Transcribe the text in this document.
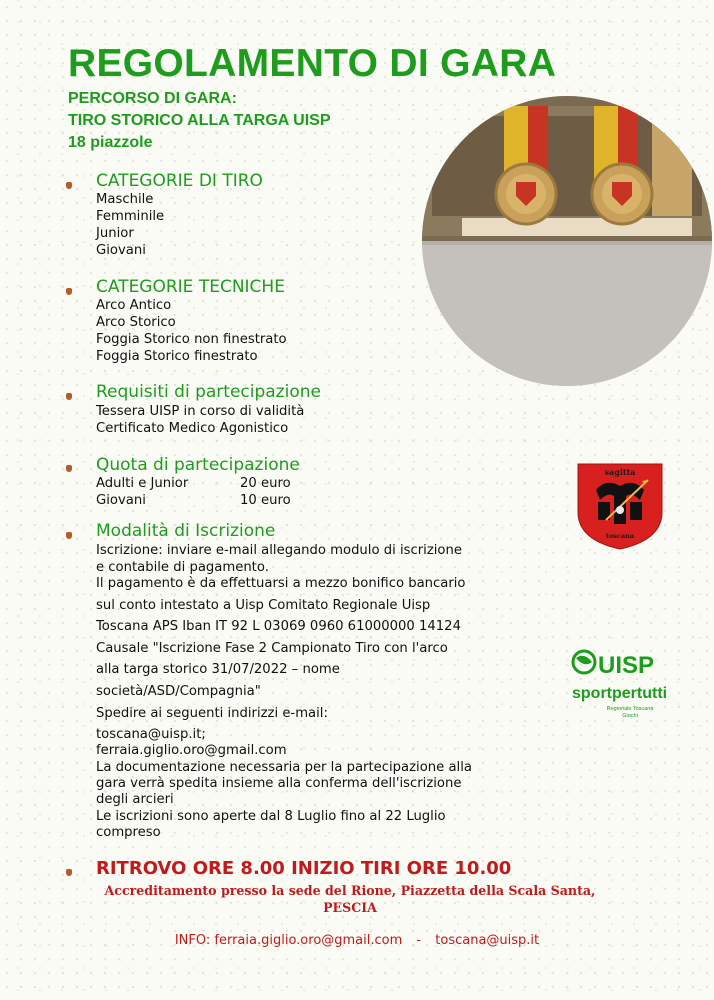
REGOLAMENTO DI GARA
PERCORSO DI GARA:
TIRO STORICO ALLA TARGA UISP
18 piazzole
CATEGORIE DI TIRO
Maschile
Femminile
Junior
Giovani
CATEGORIE TECNICHE
Arco Antico
Arco Storico
Foggia Storico non finestrato
Foggia Storico finestrato
Requisiti di partecipazione
Tessera UISP in corso di validità
Certificato Medico Agonistico
Quota di partecipazione
Adulti e Junior	20 euro
Giovani	10 euro
Modalità di Iscrizione
Iscrizione: inviare e-mail allegando modulo di iscrizione
e contabile di pagamento.
Il pagamento è da effettuarsi a mezzo bonifico bancario
sul conto intestato a Uisp Comitato Regionale Uisp
Toscana APS Iban IT 92 L 03069 0960 61000000 14124
Causale "Iscrizione Fase 2 Campionato Tiro con l'arco
alla targa storico 31/07/2022 – nome
società/ASD/Compagnia"
Spedire ai seguenti indirizzi e-mail:
toscana@uisp.it;
ferraia.giglio.oro@gmail.com
La documentazione necessaria per la partecipazione alla
gara verrà spedita insieme alla conferma dell'iscrizione
degli arcieri
Le iscrizioni sono aperte dal 8 Luglio fino al 22 Luglio
compreso
RITROVO ORE 8.00 INIZIO TIRI ORE 10.00
Accreditamento presso la sede del Rione, Piazzetta della Scala Santa,
PESCIA
INFO: ferraia.giglio.oro@gmail.com - toscana@uisp.it
sagitta
toscana
UISP
sportpertutti
Regionale Toscana
Giochi
